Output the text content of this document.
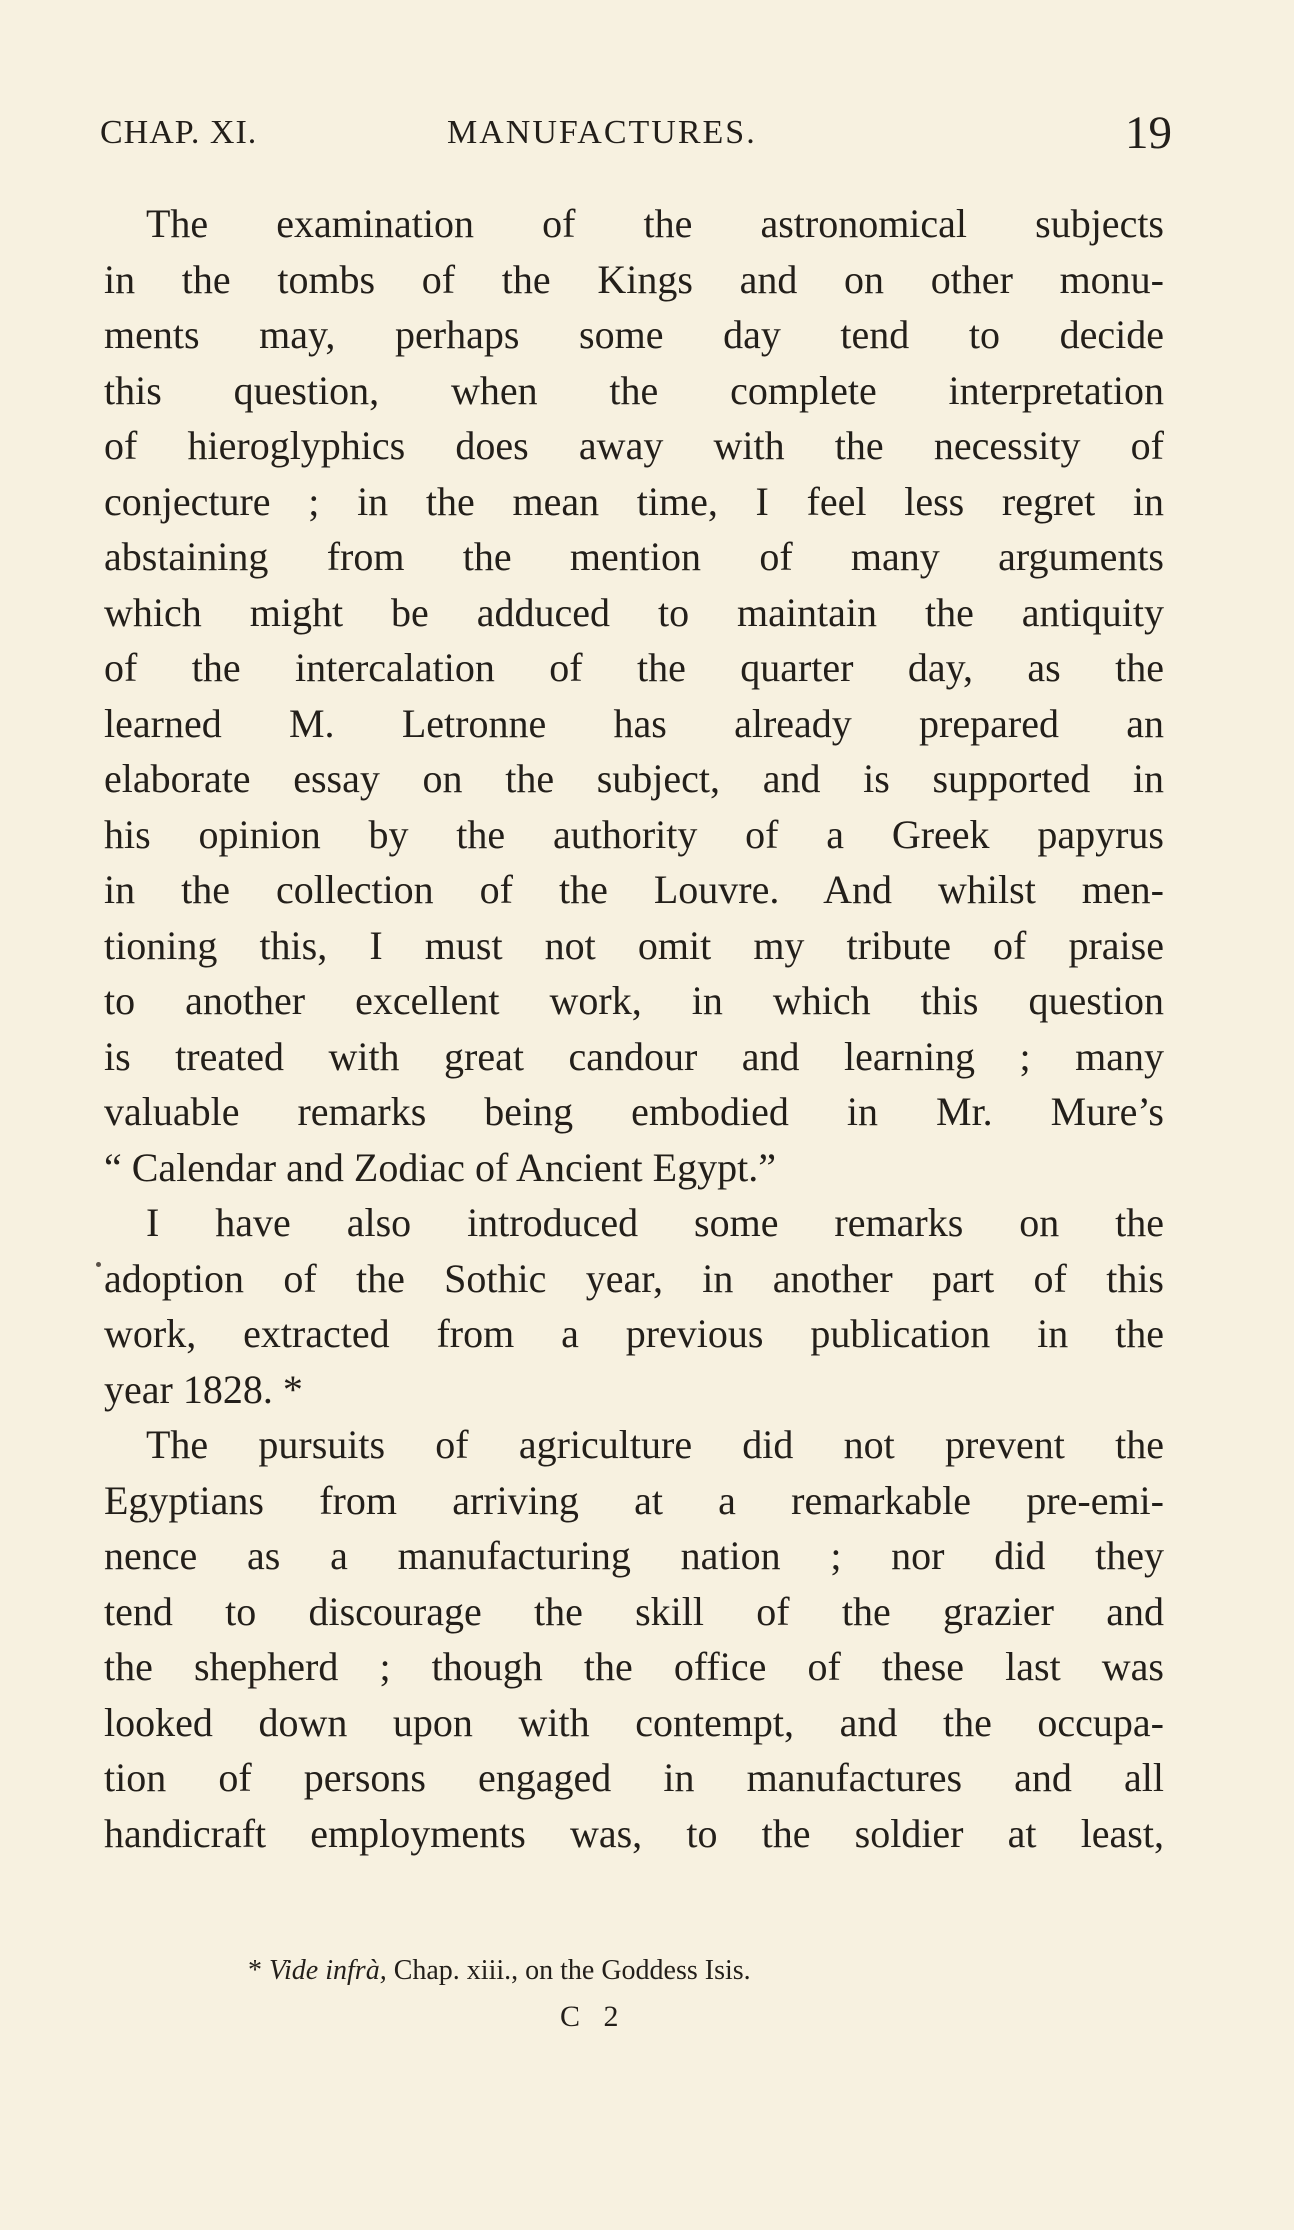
CHAP. XI.	MANUFACTURES.	19
The examination of the astronomical subjects
in the tombs of the Kings and on other monu-
ments may, perhaps some day tend to decide
this question, when the complete interpretation
of hieroglyphics does away with the necessity of
conjecture ; in the mean time, I feel less regret in
abstaining from the mention of many arguments
which might be adduced to maintain the antiquity
of the intercalation of the quarter day, as the
learned M. Letronne has already prepared an
elaborate essay on the subject, and is supported in
his opinion by the authority of a Greek papyrus
in the collection of the Louvre. And whilst men-
tioning this, I must not omit my tribute of praise
to another excellent work, in which this question
is treated with great candour and learning ; many
valuable remarks being embodied in Mr. Mure’s
“ Calendar and Zodiac of Ancient Egypt.”
I have also introduced some remarks on the
adoption of the Sothic year, in another part of this
work, extracted from a previous publication in the
year 1828. *
The pursuits of agriculture did not prevent the
Egyptians from arriving at a remarkable pre-emi-
nence as a manufacturing nation ; nor did they
tend to discourage the skill of the grazier and
the shepherd ; though the office of these last was
looked down upon with contempt, and the occupa-
tion of persons engaged in manufactures and all
handicraft employments was, to the soldier at least,
* Vide infrà, Chap. xiii., on the Goddess Isis.
C 2
